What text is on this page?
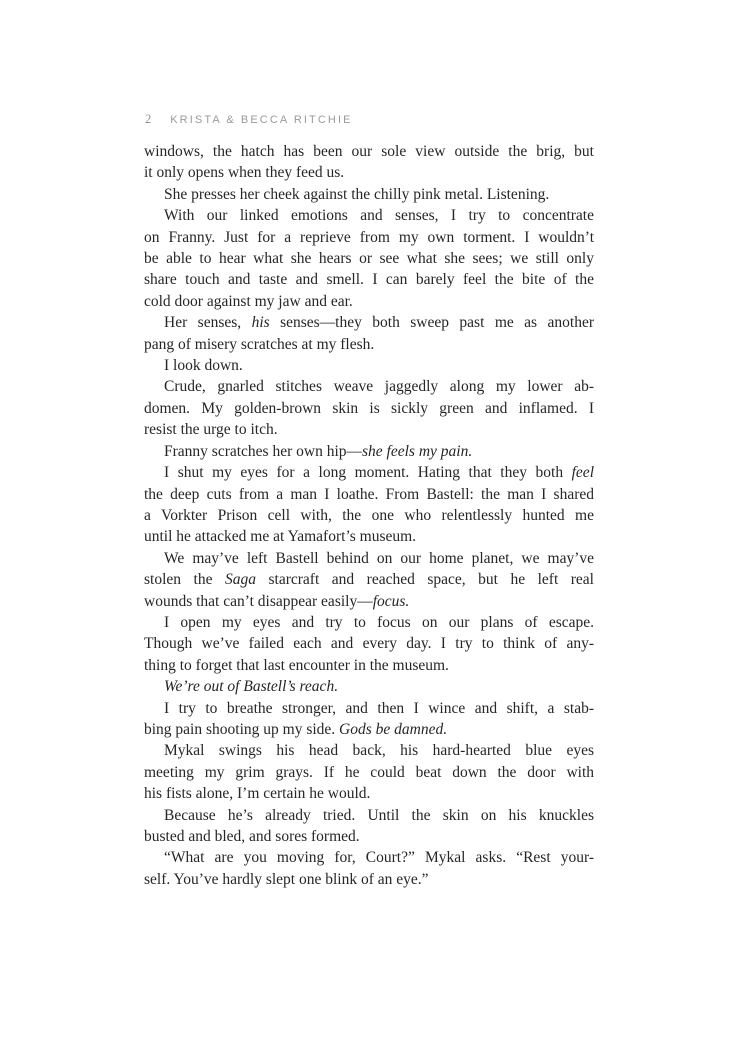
2 KRISTA & BECCA RITCHIE
windows, the hatch has been our sole view outside the brig, but
it only opens when they feed us.
She presses her cheek against the chilly pink metal. Listening.
With our linked emotions and senses, I try to concentrate
on Franny. Just for a reprieve from my own torment. I wouldn’t
be able to hear what she hears or see what she sees; we still only
share touch and taste and smell. I can barely feel the bite of the
cold door against my jaw and ear.
Her senses, his senses—they both sweep past me as another
pang of misery scratches at my flesh.
I look down.
Crude, gnarled stitches weave jaggedly along my lower ab-
domen. My golden-brown skin is sickly green and inflamed. I
resist the urge to itch.
Franny scratches her own hip—she feels my pain.
I shut my eyes for a long moment. Hating that they both feel
the deep cuts from a man I loathe. From Bastell: the man I shared
a Vorkter Prison cell with, the one who relentlessly hunted me
until he attacked me at Yamafort’s museum.
We may’ve left Bastell behind on our home planet, we may’ve
stolen the Saga starcraft and reached space, but he left real
wounds that can’t disappear easily—focus.
I open my eyes and try to focus on our plans of escape.
Though we’ve failed each and every day. I try to think of any-
thing to forget that last encounter in the museum.
We’re out of Bastell’s reach.
I try to breathe stronger, and then I wince and shift, a stab-
bing pain shooting up my side. Gods be damned.
Mykal swings his head back, his hard-hearted blue eyes
meeting my grim grays. If he could beat down the door with
his fists alone, I’m certain he would.
Because he’s already tried. Until the skin on his knuckles
busted and bled, and sores formed.
“What are you moving for, Court?” Mykal asks. “Rest your-
self. You’ve hardly slept one blink of an eye.”
